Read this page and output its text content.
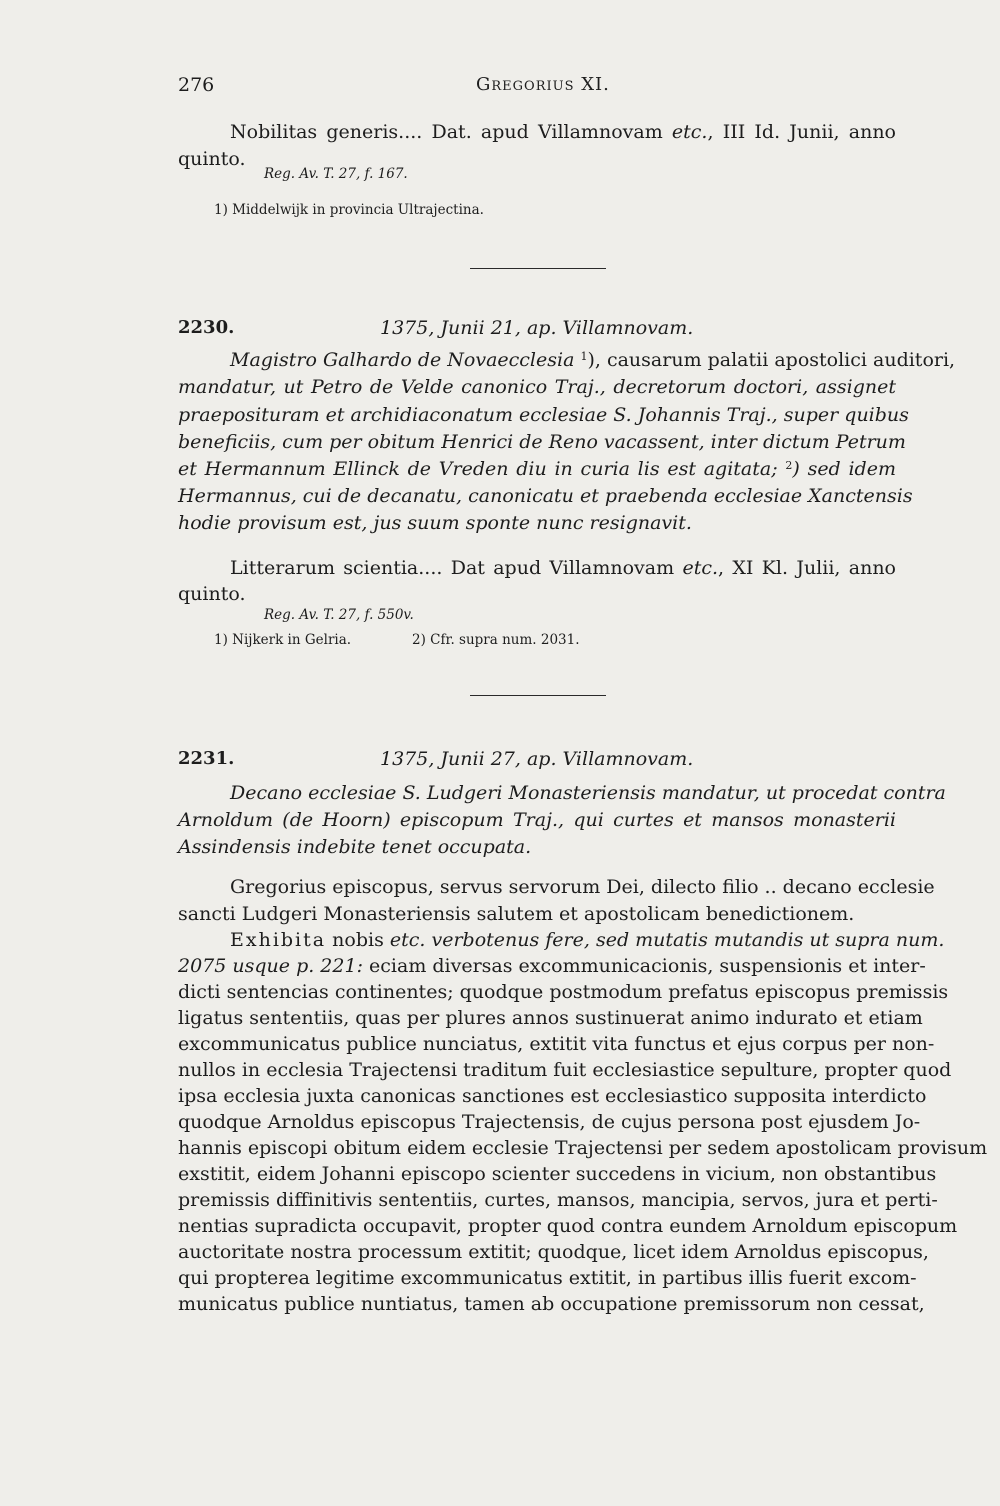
276	Gregorius XI.
Nobilitas generis.... Dat. apud Villamnovam etc., III Id. Junii, anno
quinto.
Reg. Av. T. 27, f. 167.
1) Middelwijk in provincia Ultrajectina.
2230.	1375, Junii 21, ap. Villamnovam.
Magistro Galhardo de Novaecclesia $^1$), causarum palatii apostolici auditori,
mandatur, ut Petro de Velde canonico Traj., decretorum doctori, assignet
praeposituram et archidiaconatum ecclesiae S. Johannis Traj., super quibus
beneficiis, cum per obitum Henrici de Reno vacassent, inter dictum Petrum
et Hermannum Ellinck de Vreden diu in curia lis est agitata; $^2$) sed idem
Hermannus, cui de decanatu, canonicatu et praebenda ecclesiae Xanctensis
hodie provisum est, jus suum sponte nunc resignavit.
Litterarum scientia.... Dat apud Villamnovam etc., XI Kl. Julii, anno
quinto.
Reg. Av. T. 27, f. 550v.
1) Nijkerk in Gelria.	2) Cfr. supra num. 2031.
2231.	1375, Junii 27, ap. Villamnovam.
Decano ecclesiae S. Ludgeri Monasteriensis mandatur, ut procedat contra
Arnoldum (de Hoorn) episcopum Traj., qui curtes et mansos monasterii
Assindensis indebite tenet occupata.
Gregorius episcopus, servus servorum Dei, dilecto filio .. decano ecclesie
sancti Ludgeri Monasteriensis salutem et apostolicam benedictionem.
Exhibita nobis etc. verbotenus fere, sed mutatis mutandis ut supra num.
2075 usque p. 221: eciam diversas excommunicacionis, suspensionis et inter-
dicti sentencias continentes; quodque postmodum prefatus episcopus premissis
ligatus sententiis, quas per plures annos sustinuerat animo indurato et etiam
excommunicatus publice nunciatus, extitit vita functus et ejus corpus per non-
nullos in ecclesia Trajectensi traditum fuit ecclesiastice sepulture, propter quod
ipsa ecclesia juxta canonicas sanctiones est ecclesiastico supposita interdicto
quodque Arnoldus episcopus Trajectensis, de cujus persona post ejusdem Jo-
hannis episcopi obitum eidem ecclesie Trajectensi per sedem apostolicam provisum
exstitit, eidem Johanni episcopo scienter succedens in vicium, non obstantibus
premissis diffinitivis sententiis, curtes, mansos, mancipia, servos, jura et perti-
nentias supradicta occupavit, propter quod contra eundem Arnoldum episcopum
auctoritate nostra processum extitit; quodque, licet idem Arnoldus episcopus,
qui propterea legitime excommunicatus extitit, in partibus illis fuerit excom-
municatus publice nuntiatus, tamen ab occupatione premissorum non cessat,
